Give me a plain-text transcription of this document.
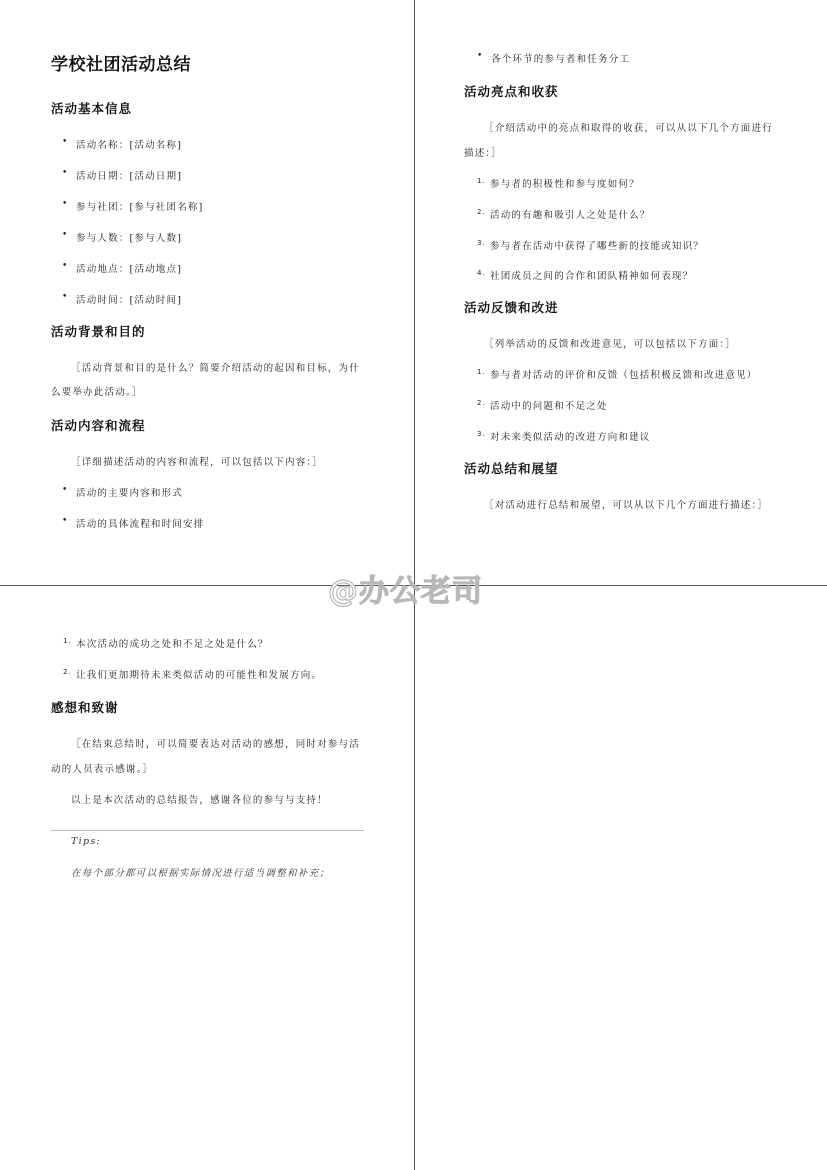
学校社团活动总结
活动基本信息
• 活动名称：[活动名称]
• 活动日期：[活动日期]
• 参与社团：[参与社团名称]
• 参与人数：[参与人数]
• 活动地点：[活动地点]
• 活动时间：[活动时间]
活动背景和目的
［活动背景和目的是什么？简要介绍活动的起因和目标，为什
么要举办此活动。］
活动内容和流程
［详细描述活动的内容和流程，可以包括以下内容：］
• 活动的主要内容和形式
• 活动的具体流程和时间安排
• 各个环节的参与者和任务分工
活动亮点和收获
［介绍活动中的亮点和取得的收获，可以从以下几个方面进行
描述：］
1. 参与者的积极性和参与度如何？
2. 活动的有趣和吸引人之处是什么？
3. 参与者在活动中获得了哪些新的技能或知识？
4. 社团成员之间的合作和团队精神如何表现？
活动反馈和改进
［列举活动的反馈和改进意见，可以包括以下方面：］
1. 参与者对活动的评价和反馈（包括积极反馈和改进意见）
2. 活动中的问题和不足之处
3. 对未来类似活动的改进方向和建议
活动总结和展望
［对活动进行总结和展望，可以从以下几个方面进行描述：］
1. 本次活动的成功之处和不足之处是什么？
2. 让我们更加期待未来类似活动的可能性和发展方向。
感想和致谢
［在结束总结时，可以简要表达对活动的感想，同时对参与活
动的人员表示感谢。］
以上是本次活动的总结报告，感谢各位的参与与支持！
Tips:
在每个部分都可以根据实际情况进行适当调整和补充；
@办公老司
